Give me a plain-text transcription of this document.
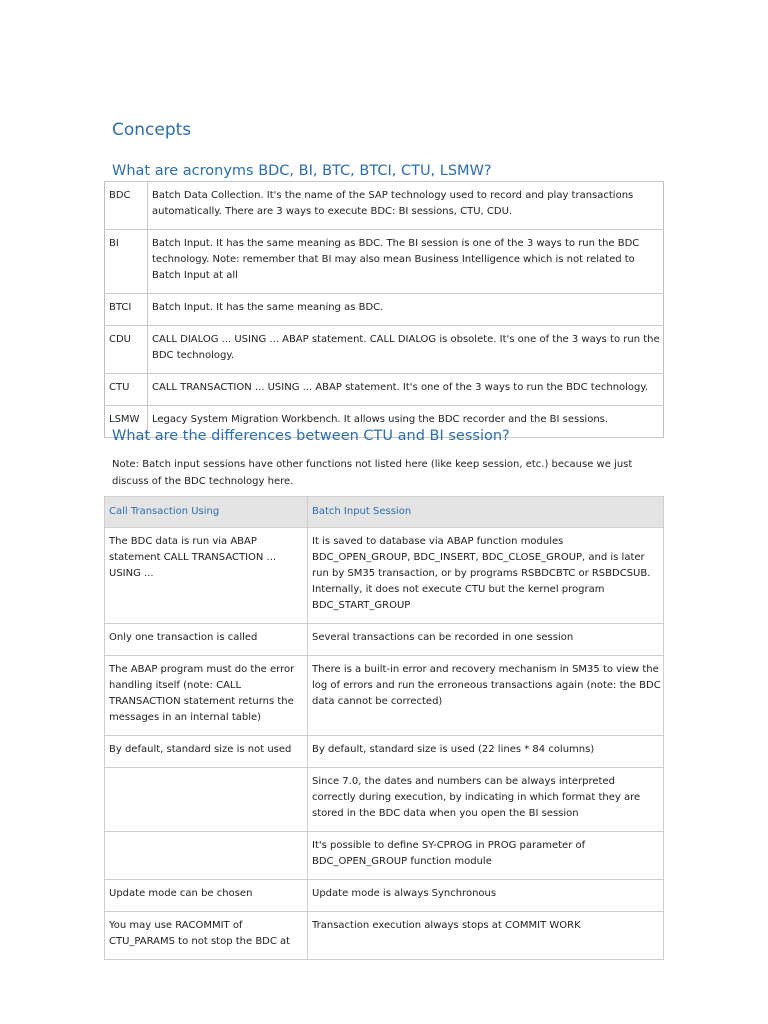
Concepts
What are acronyms BDC, BI, BTC, BTCI, CTU, LSMW?
BDC	Batch Data Collection. It's the name of the SAP technology used to record and play transactions automatically. There are 3 ways to execute BDC: BI sessions, CTU, CDU.
BI	Batch Input. It has the same meaning as BDC. The BI session is one of the 3 ways to run the BDC technology. Note: remember that BI may also mean Business Intelligence which is not related to Batch Input at all
BTCI	Batch Input. It has the same meaning as BDC.
CDU	CALL DIALOG ... USING ... ABAP statement. CALL DIALOG is obsolete. It's one of the 3 ways to run the BDC technology.
CTU	CALL TRANSACTION ... USING ... ABAP statement. It's one of the 3 ways to run the BDC technology.
LSMW	Legacy System Migration Workbench. It allows using the BDC recorder and the BI sessions.
What are the differences between CTU and BI session?

Note: Batch input sessions have other functions not listed here (like keep session, etc.) because we just discuss of the BDC technology here.

Call Transaction Using	Batch Input Session
The BDC data is run via ABAP statement CALL TRANSACTION ... USING ...	It is saved to database via ABAP function modules BDC_OPEN_GROUP, BDC_INSERT, BDC_CLOSE_GROUP, and is later run by SM35 transaction, or by programs RSBDCBTC or RSBDCSUB. Internally, it does not execute CTU but the kernel program BDC_START_GROUP
Only one transaction is called	Several transactions can be recorded in one session
The ABAP program must do the error handling itself (note: CALL TRANSACTION statement returns the messages in an internal table)	There is a built-in error and recovery mechanism in SM35 to view the log of errors and run the erroneous transactions again (note: the BDC data cannot be corrected)
By default, standard size is not used	By default, standard size is used (22 lines * 84 columns)
	Since 7.0, the dates and numbers can be always interpreted correctly during execution, by indicating in which format they are stored in the BDC data when you open the BI session
	It's possible to define SY-CPROG in PROG parameter of BDC_OPEN_GROUP function module
Update mode can be chosen	Update mode is always Synchronous
You may use RACOMMIT of CTU_PARAMS to not stop the BDC at	Transaction execution always stops at COMMIT WORK
